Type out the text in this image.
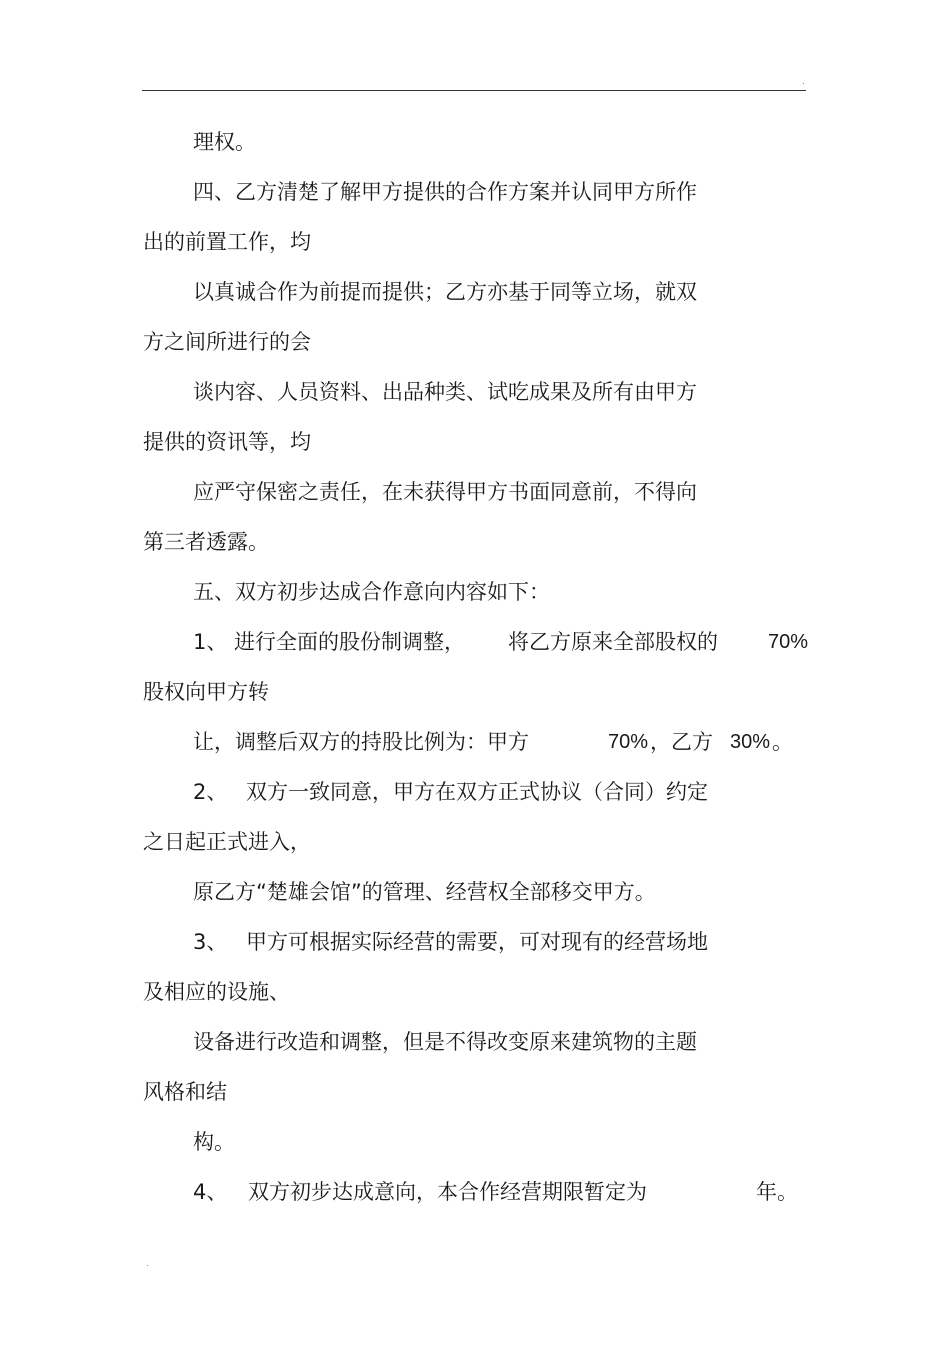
.
理权。
四、乙方清楚了解甲方提供的合作方案并认同甲方所作
出的前置工作，均
以真诚合作为前提而提供；乙方亦基于同等立场，就双
方之间所进行的会
谈内容、人员资料、出品种类、试吃成果及所有由甲方
提供的资讯等，均
应严守保密之责任，在未获得甲方书面同意前，不得向
第三者透露。
五、双方初步达成合作意向内容如下：
1、 进行全面的股份制调整， 将乙方原来全部股权的	70%
股权向甲方转
让，调整后双方的持股比例为：甲方	70% ，乙方 30% 。
2、 双方一致同意，甲方在双方正式协议（合同）约定
之日起正式进入，
原乙方“楚雄会馆”的管理、经营权全部移交甲方。
3、 甲方可根据实际经营的需要，可对现有的经营场地
及相应的设施、
设备进行改造和调整，但是不得改变原来建筑物的主题
风格和结
构。
4、 双方初步达成意向，本合作经营期限暂定为	年。
.
